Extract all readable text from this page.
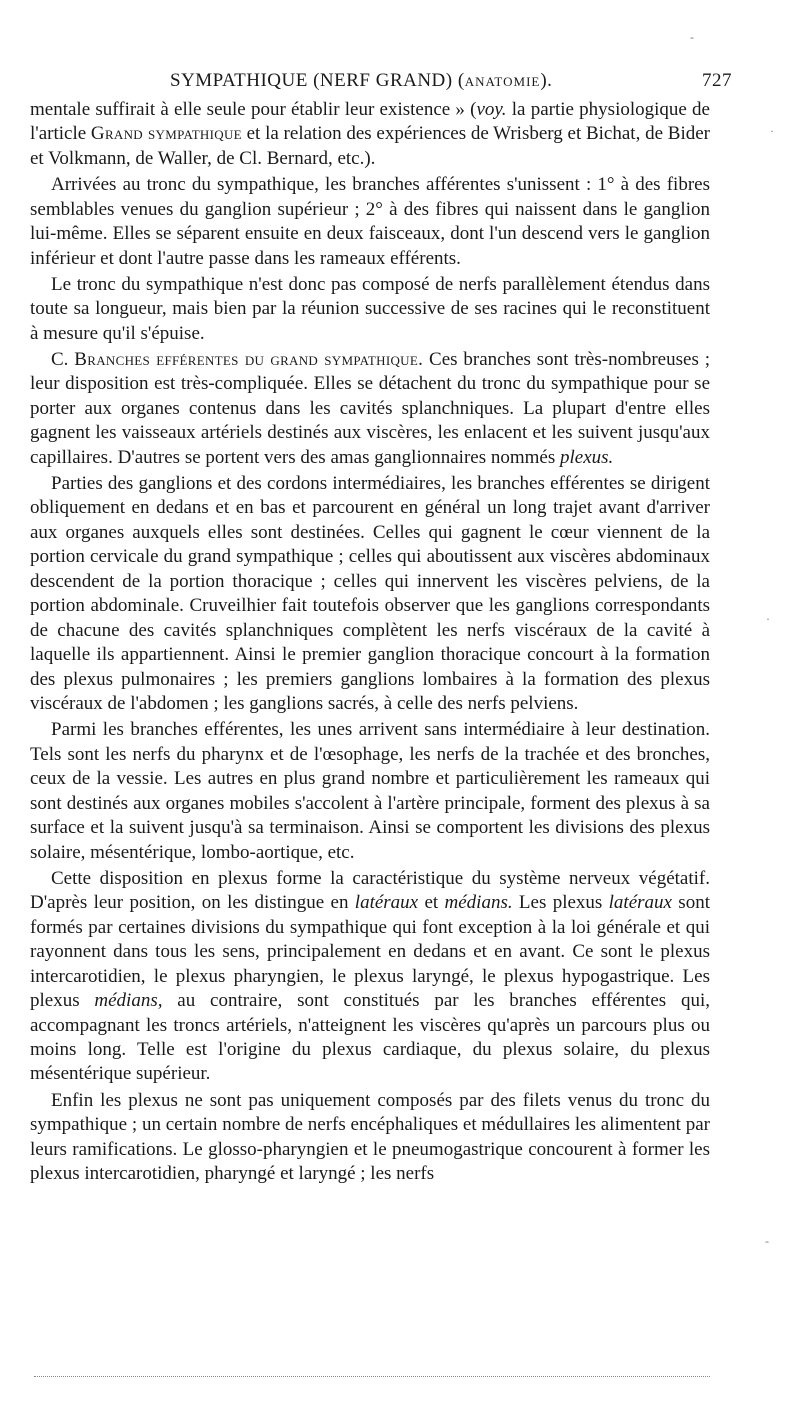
SYMPATHIQUE (NERF GRAND) (ANATOMIE).	727

mentale suffirait à elle seule pour établir leur existence » (voy. la partie physiologique de l'article Grand sympathique et la relation des expériences de Wrisberg et Bichat, de Bider et Volkmann, de Waller, de Cl. Bernard, etc.).

Arrivées au tronc du sympathique, les branches afférentes s'unissent : 1° à des fibres semblables venues du ganglion supérieur ; 2° à des fibres qui naissent dans le ganglion lui-même. Elles se séparent ensuite en deux faisceaux, dont l'un descend vers le ganglion inférieur et dont l'autre passe dans les rameaux efférents.

Le tronc du sympathique n'est donc pas composé de nerfs parallèlement étendus dans toute sa longueur, mais bien par la réunion successive de ses racines qui le reconstituent à mesure qu'il s'épuise.

C. Branches efférentes du grand sympathique. Ces branches sont très-nombreuses ; leur disposition est très-compliquée. Elles se détachent du tronc du sympathique pour se porter aux organes contenus dans les cavités splanchniques. La plupart d'entre elles gagnent les vaisseaux artériels destinés aux viscères, les enlacent et les suivent jusqu'aux capillaires. D'autres se portent vers des amas ganglionnaires nommés plexus.

Parties des ganglions et des cordons intermédiaires, les branches efférentes se dirigent obliquement en dedans et en bas et parcourent en général un long trajet avant d'arriver aux organes auxquels elles sont destinées. Celles qui gagnent le cœur viennent de la portion cervicale du grand sympathique ; celles qui aboutissent aux viscères abdominaux descendent de la portion thoracique ; celles qui innervent les viscères pelviens, de la portion abdominale. Cruveilhier fait toutefois observer que les ganglions correspondants de chacune des cavités splanchniques complètent les nerfs viscéraux de la cavité à laquelle ils appartiennent. Ainsi le premier ganglion thoracique concourt à la formation des plexus pulmonaires ; les premiers ganglions lombaires à la formation des plexus viscéraux de l'abdomen ; les ganglions sacrés, à celle des nerfs pelviens.

Parmi les branches efférentes, les unes arrivent sans intermédiaire à leur destination. Tels sont les nerfs du pharynx et de l'œsophage, les nerfs de la trachée et des bronches, ceux de la vessie. Les autres en plus grand nombre et particulièrement les rameaux qui sont destinés aux organes mobiles s'accolent à l'artère principale, forment des plexus à sa surface et la suivent jusqu'à sa terminaison. Ainsi se comportent les divisions des plexus solaire, mésentérique, lombo-aortique, etc.

Cette disposition en plexus forme la caractéristique du système nerveux végétatif. D'après leur position, on les distingue en latéraux et médians. Les plexus latéraux sont formés par certaines divisions du sympathique qui font exception à la loi générale et qui rayonnent dans tous les sens, principalement en dedans et en avant. Ce sont le plexus intercarotidien, le plexus pharyngien, le plexus laryngé, le plexus hypogastrique. Les plexus médians, au contraire, sont constitués par les branches efférentes qui, accompagnant les troncs artériels, n'atteignent les viscères qu'après un parcours plus ou moins long. Telle est l'origine du plexus cardiaque, du plexus solaire, du plexus mésentérique supérieur.

Enfin les plexus ne sont pas uniquement composés par des filets venus du tronc du sympathique ; un certain nombre de nerfs encéphaliques et médullaires les alimentent par leurs ramifications. Le glosso-pharyngien et le pneumogastrique concourent à former les plexus intercarotidien, pharyngé et laryngé ; les nerfs

-
·
·
-
